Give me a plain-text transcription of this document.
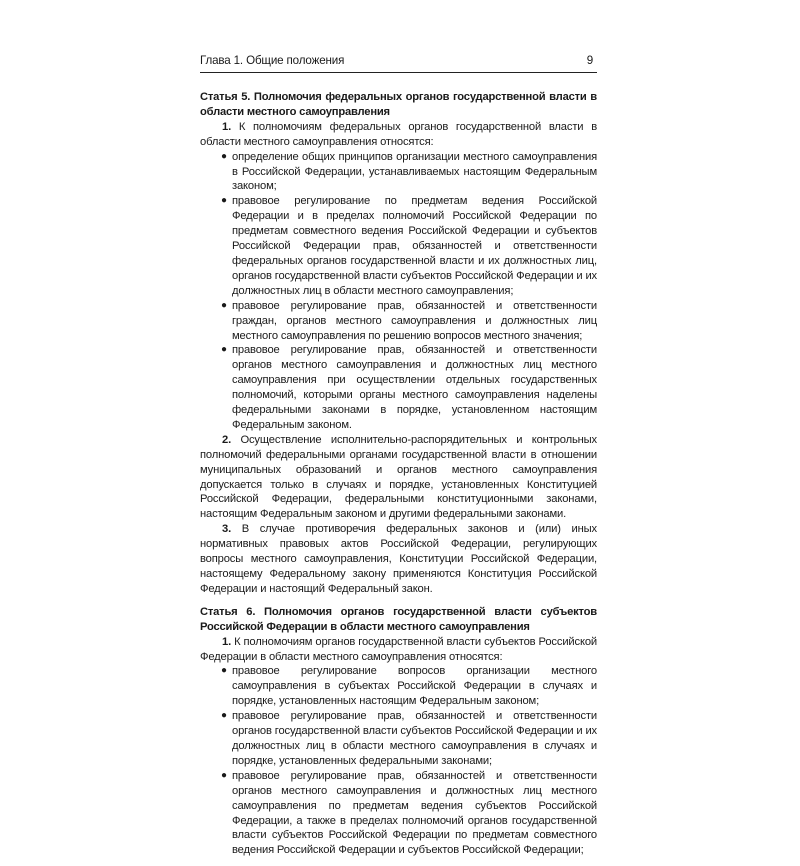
Глава 1. Общие положения	9

Статья 5. Полномочия федеральных органов государственной власти в области местного самоуправления

1. К полномочиям федеральных органов государственной власти в области местного самоуправления относятся:

● определение общих принципов организации местного самоуправления в Российской Федерации, устанавливаемых настоящим Федеральным законом;
● правовое регулирование по предметам ведения Российской Федерации и в пределах полномочий Российской Федерации по предметам совместного ведения Российской Федерации и субъектов Российской Федерации прав, обязанностей и ответственности федеральных органов государственной власти и их должностных лиц, органов государственной власти субъектов Российской Федерации и их должностных лиц в области местного самоуправления;
● правовое регулирование прав, обязанностей и ответственности граждан, органов местного самоуправления и должностных лиц местного самоуправления по решению вопросов местного значения;
● правовое регулирование прав, обязанностей и ответственности органов местного самоуправления и должностных лиц местного самоуправления при осуществлении отдельных государственных полномочий, которыми органы местного самоуправления наделены федеральными законами в порядке, установленном настоящим Федеральным законом.

2. Осуществление исполнительно-распорядительных и контрольных полномочий федеральными органами государственной власти в отношении муниципальных образований и органов местного самоуправления допускается только в случаях и порядке, установленных Конституцией Российской Федерации, федеральными конституционными законами, настоящим Федеральным законом и другими федеральными законами.

3. В случае противоречия федеральных законов и (или) иных нормативных правовых актов Российской Федерации, регулирующих вопросы местного самоуправления, Конституции Российской Федерации, настоящему Федеральному закону применяются Конституция Российской Федерации и настоящий Федеральный закон.

Статья 6. Полномочия органов государственной власти субъектов Российской Федерации в области местного самоуправления

1. К полномочиям органов государственной власти субъектов Российской Федерации в области местного самоуправления относятся:

● правовое регулирование вопросов организации местного самоуправления в субъектах Российской Федерации в случаях и порядке, установленных настоящим Федеральным законом;
● правовое регулирование прав, обязанностей и ответственности органов государственной власти субъектов Российской Федерации и их должностных лиц в области местного самоуправления в случаях и порядке, установленных федеральными законами;
● правовое регулирование прав, обязанностей и ответственности органов местного самоуправления и должностных лиц местного самоуправления по предметам ведения субъектов Российской Федерации, а также в пределах полномочий органов государственной власти субъектов Российской Федерации по предметам совместного ведения Российской Федерации и субъектов Российской Федерации;
